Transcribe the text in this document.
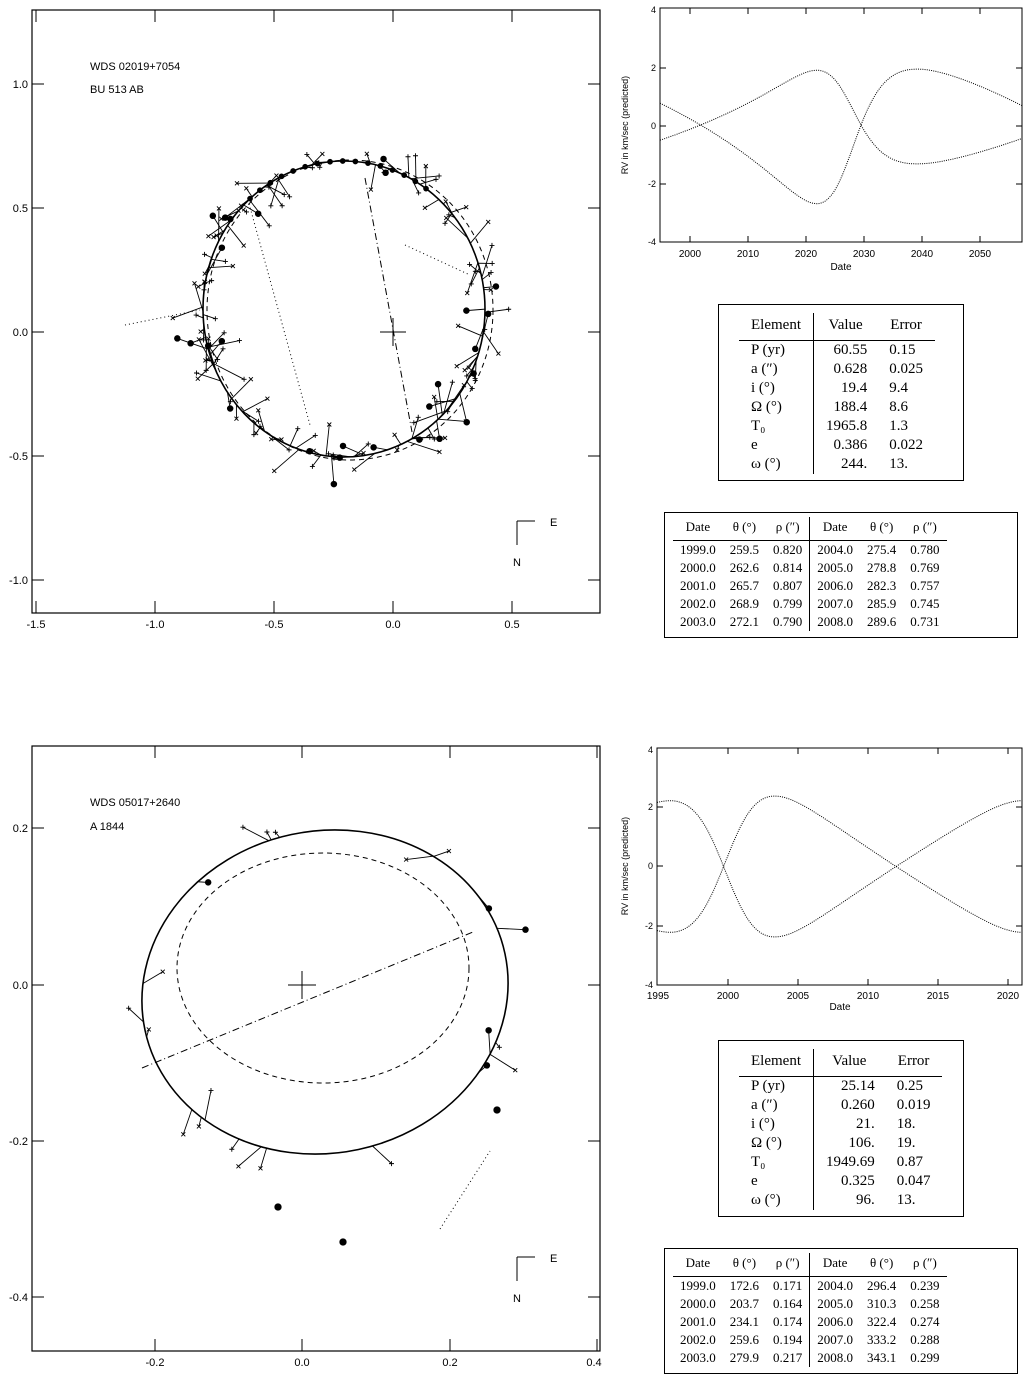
1.0
0.5
0.0
-0.5
-1.0
-1.5	-1.0	-0.5	0.0	0.5
WDS 02019+7054
BU 513 AB
E
N
4
2
0
-2
-4
2000	2010	2020	2030	2040	2050
Date
RV in km/sec (predicted)
Element	Value	Error
P (yr)	60.55	0.15
a (″)	0.628	0.025
i (°)	19.4	9.4
Ω (°)	188.4	8.6
T₀	1965.8	1.3
e	0.386	0.022
ω (°)	244.	13.
Date	θ (°)	ρ (″)	Date	θ (°)	ρ (″)
1999.0	259.5	0.820	2004.0	275.4	0.780
2000.0	262.6	0.814	2005.0	278.8	0.769
2001.0	265.7	0.807	2006.0	282.3	0.757
2002.0	268.9	0.799	2007.0	285.9	0.745
2003.0	272.1	0.790	2008.0	289.6	0.731
0.2
0.0
-0.2
-0.4
-0.2	0.0	0.2	0.4
WDS 05017+2640
A 1844
E
N
4
2
0
-2
-4
1995	2000	2005	2010	2015	2020
Date
RV in km/sec (predicted)
Element	Value	Error
P (yr)	25.14	0.25
a (″)	0.260	0.019
i (°)	21.	18.
Ω (°)	106.	19.
T₀	1949.69	0.87
e	0.325	0.047
ω (°)	96.	13.
Date	θ (°)	ρ (″)	Date	θ (°)	ρ (″)
1999.0	172.6	0.171	2004.0	296.4	0.239
2000.0	203.7	0.164	2005.0	310.3	0.258
2001.0	234.1	0.174	2006.0	322.4	0.274
2002.0	259.6	0.194	2007.0	333.2	0.288
2003.0	279.9	0.217	2008.0	343.1	0.299
